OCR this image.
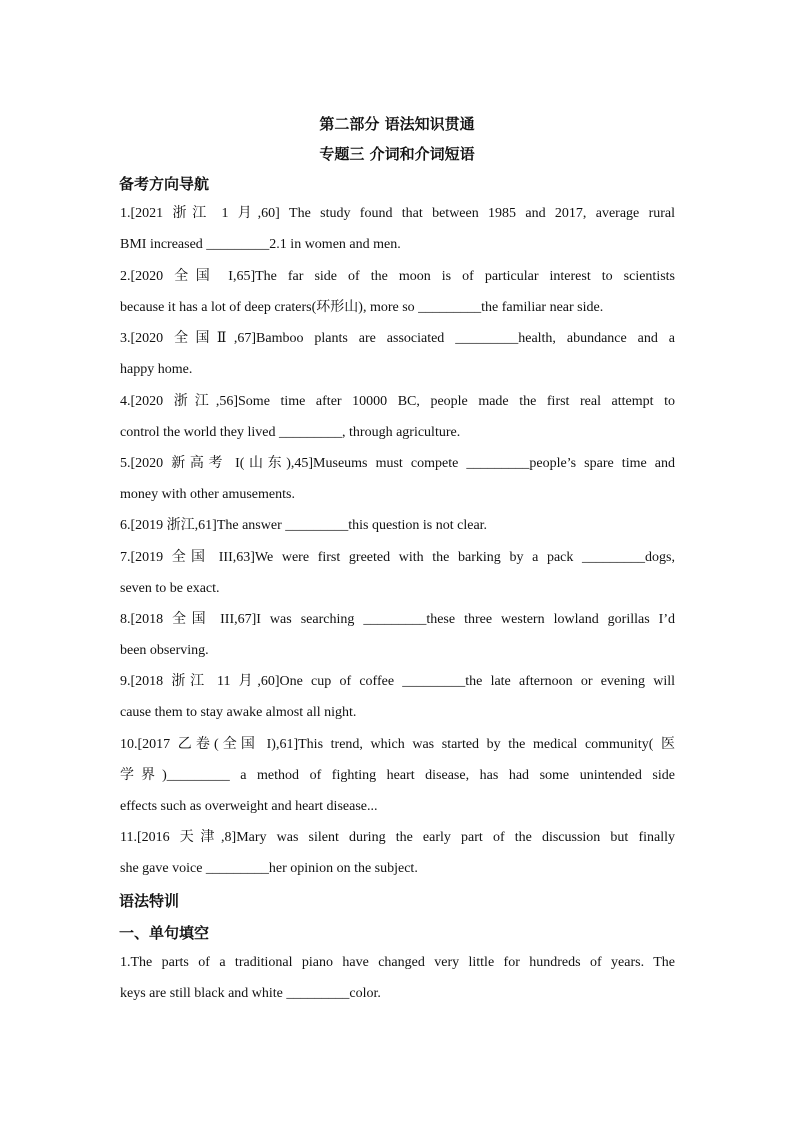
第二部分 语法知识贯通
专题三 介词和介词短语
备考方向导航
1.[2021 浙江 1 月,60] The study found that between 1985 and 2017, average rural
BMI increased _________2.1 in women and men.
2.[2020 全国 I,65]The far side of the moon is of particular interest to scientists
because it has a lot of deep craters(环形山), more so _________the familiar near side.
3.[2020 全国Ⅱ,67]Bamboo plants are associated _________health, abundance and a
happy home.
4.[2020 浙江,56]Some time after 10000 BC, people made the first real attempt to
control the world they lived _________, through agriculture.
5.[2020 新高考 I(山东),45]Museums must compete _________people’s spare time and
money with other amusements.
6.[2019 浙江,61]The answer _________this question is not clear.
7.[2019 全国 III,63]We were first greeted with the barking by a pack _________dogs,
seven to be exact.
8.[2018 全国 III,67]I was searching _________these three western lowland gorillas I’d
been observing.
9.[2018 浙江 11 月,60]One cup of coffee _________the late afternoon or evening will
cause them to stay awake almost all night.
10.[2017 乙卷(全国 I),61]This trend, which was started by the medical community( 医
学界)_________ a method of fighting heart disease, has had some unintended side
effects such as overweight and heart disease...
11.[2016 天津,8]Mary was silent during the early part of the discussion but finally
she gave voice _________her opinion on the subject.
语法特训
一、单句填空
1.The parts of a traditional piano have changed very little for hundreds of years. The
keys are still black and white _________color.
